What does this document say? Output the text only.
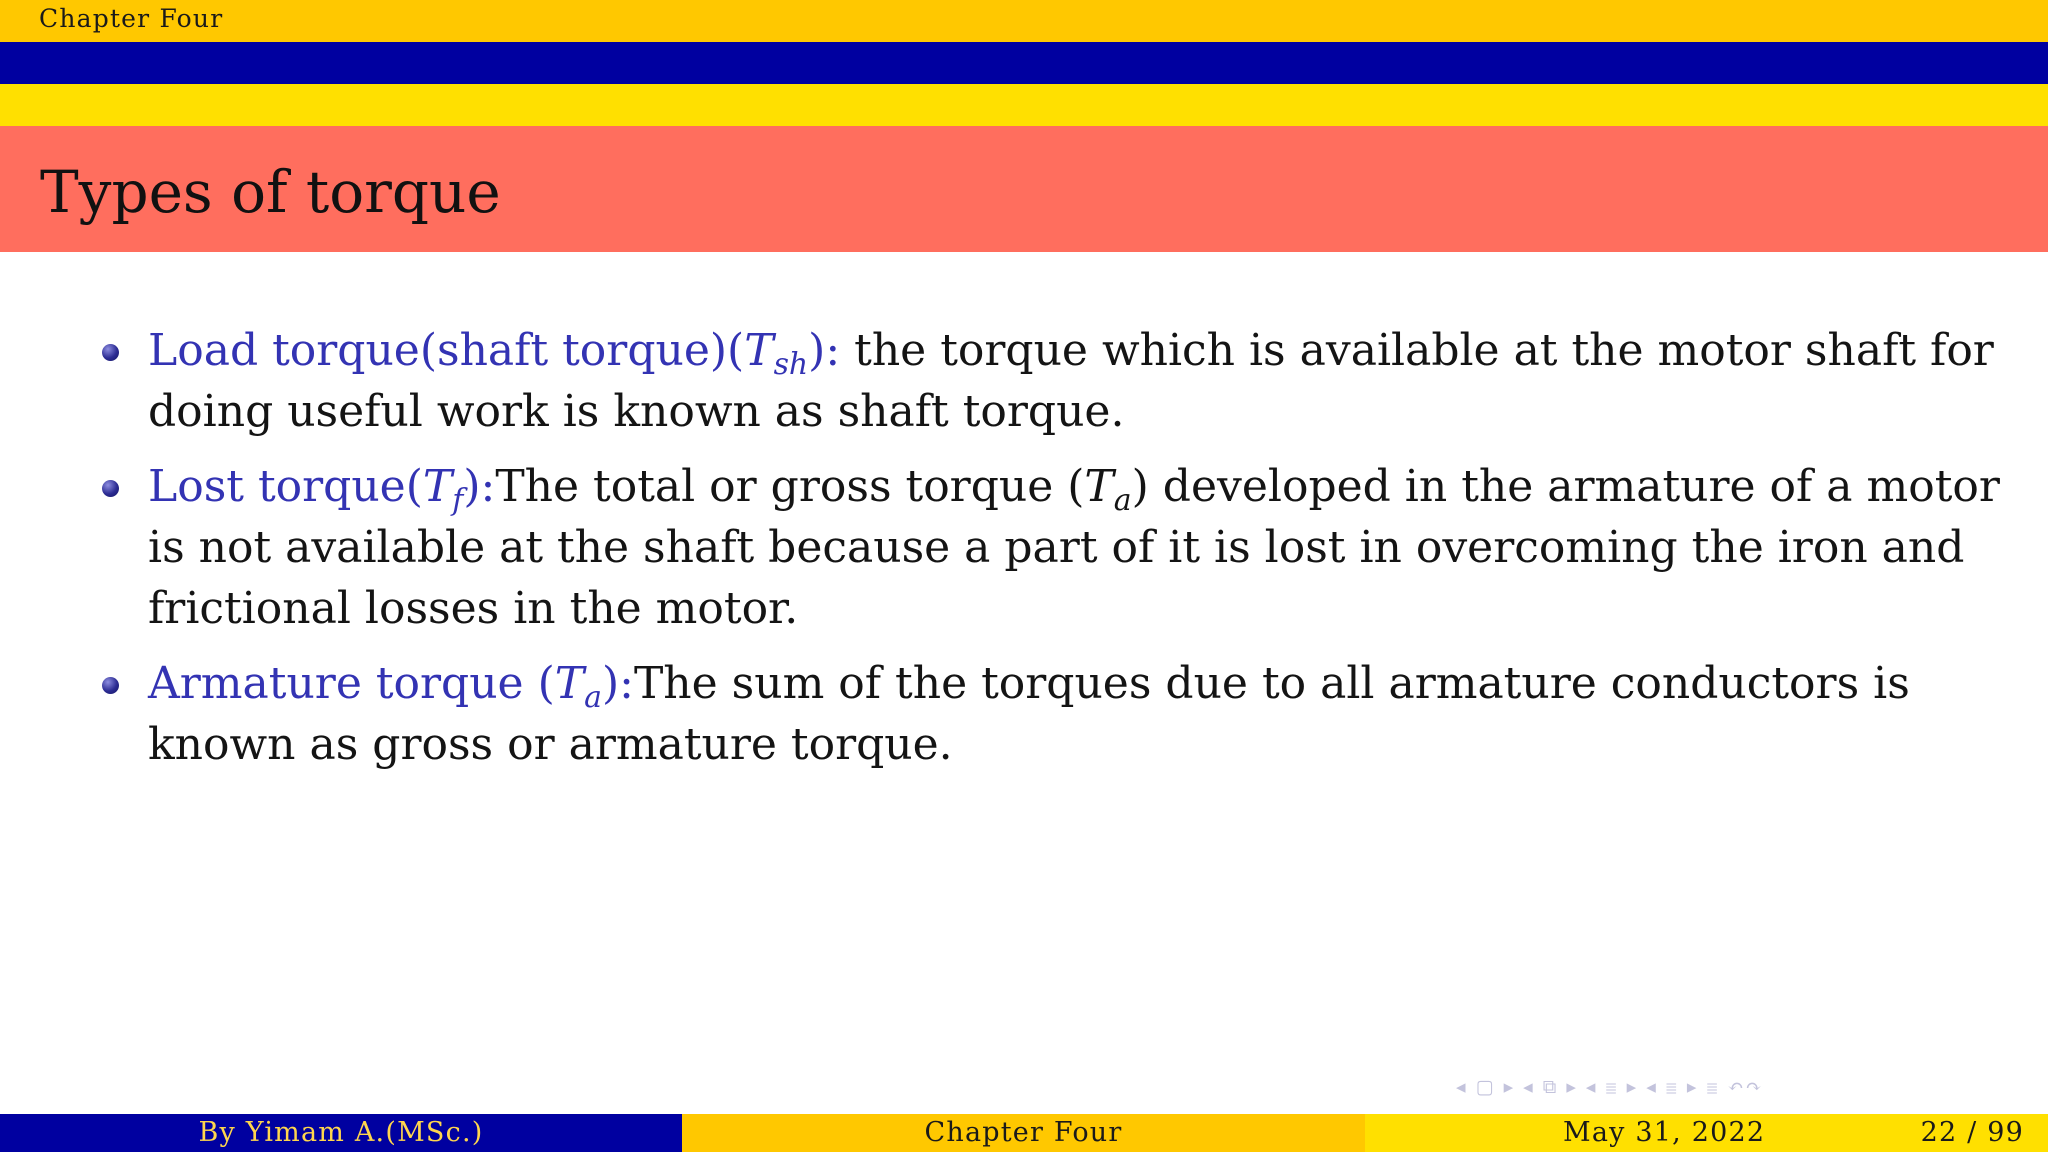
Chapter Four
Types of torque
Load torque(shaft $torque)(T_{sh})$: the torque which is available at the motor shaft for doing useful work is known as shaft torque.
Lost $torque(T_f):The$ total or gross torque $(T_a)$ developed in the armature of a motor is not available at the shaft because a part of it is lost in overcoming the iron and frictional losses in the motor.
Armature torque $(T_a):The$ sum of the torques due to all armature conductors is known as gross or armature torque.
◂ ▢ ▸ ◂ ⧉ ▸ ◂ ≣ ▸ ◂ ≣ ▸ ≣ ↶↷
By Yimam A.(MSc.)	Chapter Four	May 31, 2022	22 / 99
